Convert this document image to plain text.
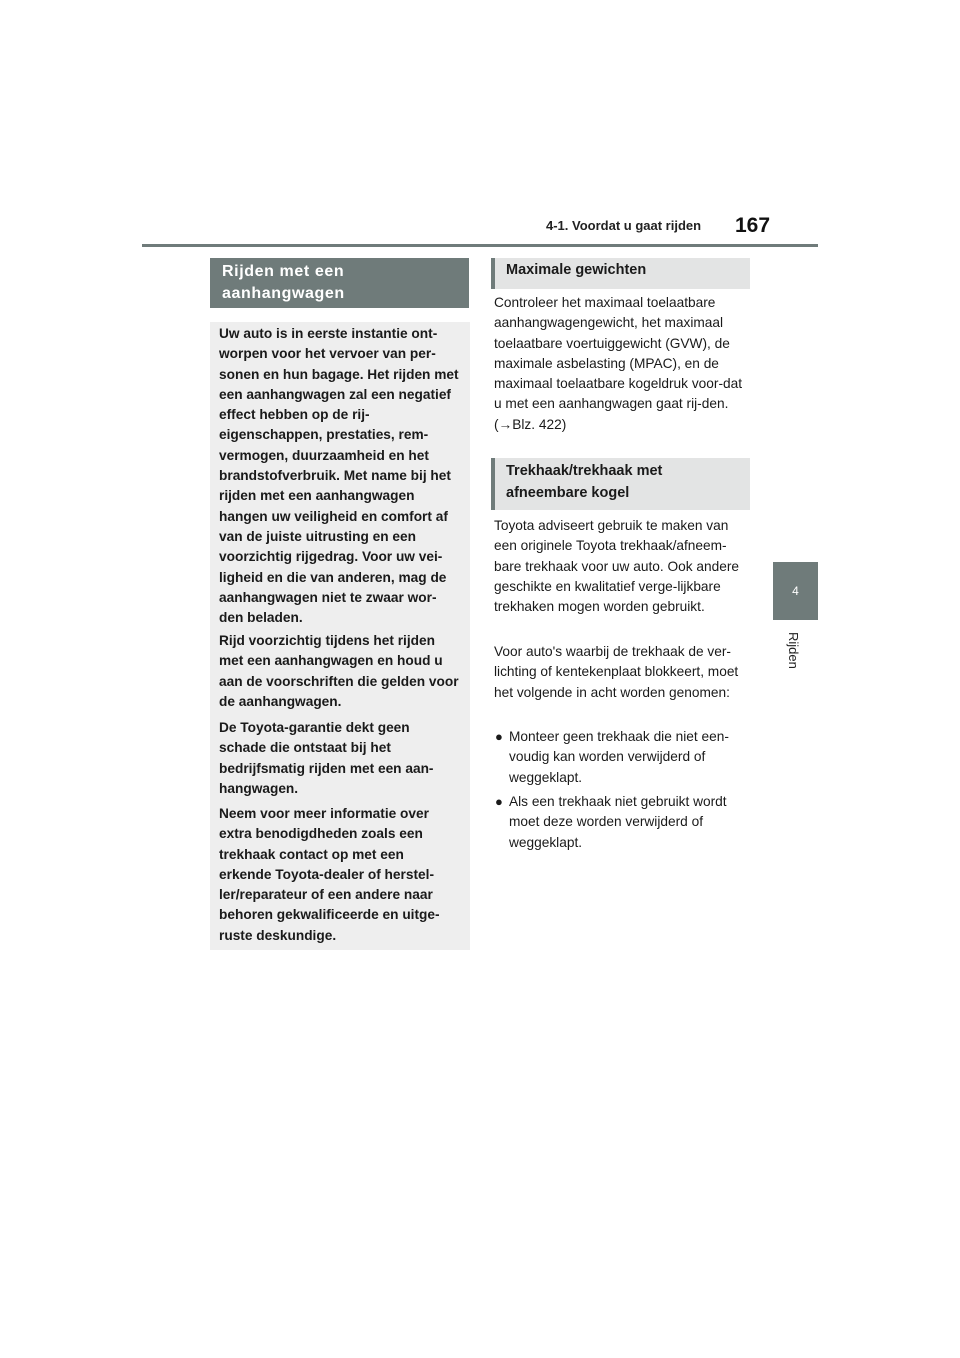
4-1. Voordat u gaat rijden 167
4
Rijden
Rijden met een aanhangwagen

Uw auto is in eerste instantie ont-worpen voor het vervoer van per-sonen en hun bagage. Het rijden met een aanhangwagen zal een negatief effect hebben op de rij-eigenschappen, prestaties, rem-vermogen, duurzaamheid en het brandstofverbruik. Met name bij het rijden met een aanhangwagen hangen uw veiligheid en comfort af van de juiste uitrusting en een voorzichtig rijgedrag. Voor uw vei-ligheid en die van anderen, mag de aanhangwagen niet te zwaar wor-den beladen.

Rijd voorzichtig tijdens het rijden met een aanhangwagen en houd u aan de voorschriften die gelden voor de aanhangwagen.

De Toyota-garantie dekt geen schade die ontstaat bij het bedrijfsmatig rijden met een aan-hangwagen.

Neem voor meer informatie over extra benodigdheden zoals een trekhaak contact op met een erkende Toyota-dealer of herstel-ler/reparateur of een andere naar behoren gekwalificeerde en uitge-ruste deskundige.

Maximale gewichten

Controleer het maximaal toelaatbare aanhangwagengewicht, het maximaal toelaatbare voertuiggewicht (GVW), de maximale asbelasting (MPAC), en de maximaal toelaatbare kogeldruk voor-dat u met een aanhangwagen gaat rij-den. (→Blz. 422)

Trekhaak/trekhaak met afneembare kogel

Toyota adviseert gebruik te maken van een originele Toyota trekhaak/afneem-bare trekhaak voor uw auto. Ook andere geschikte en kwalitatief verge-lijkbare trekhaken mogen worden gebruikt.

Voor auto's waarbij de trekhaak de ver-lichting of kentekenplaat blokkeert, moet het volgende in acht worden genomen:

● Monteer geen trekhaak die niet een-voudig kan worden verwijderd of weggeklapt.
● Als een trekhaak niet gebruikt wordt moet deze worden verwijderd of weggeklapt.
